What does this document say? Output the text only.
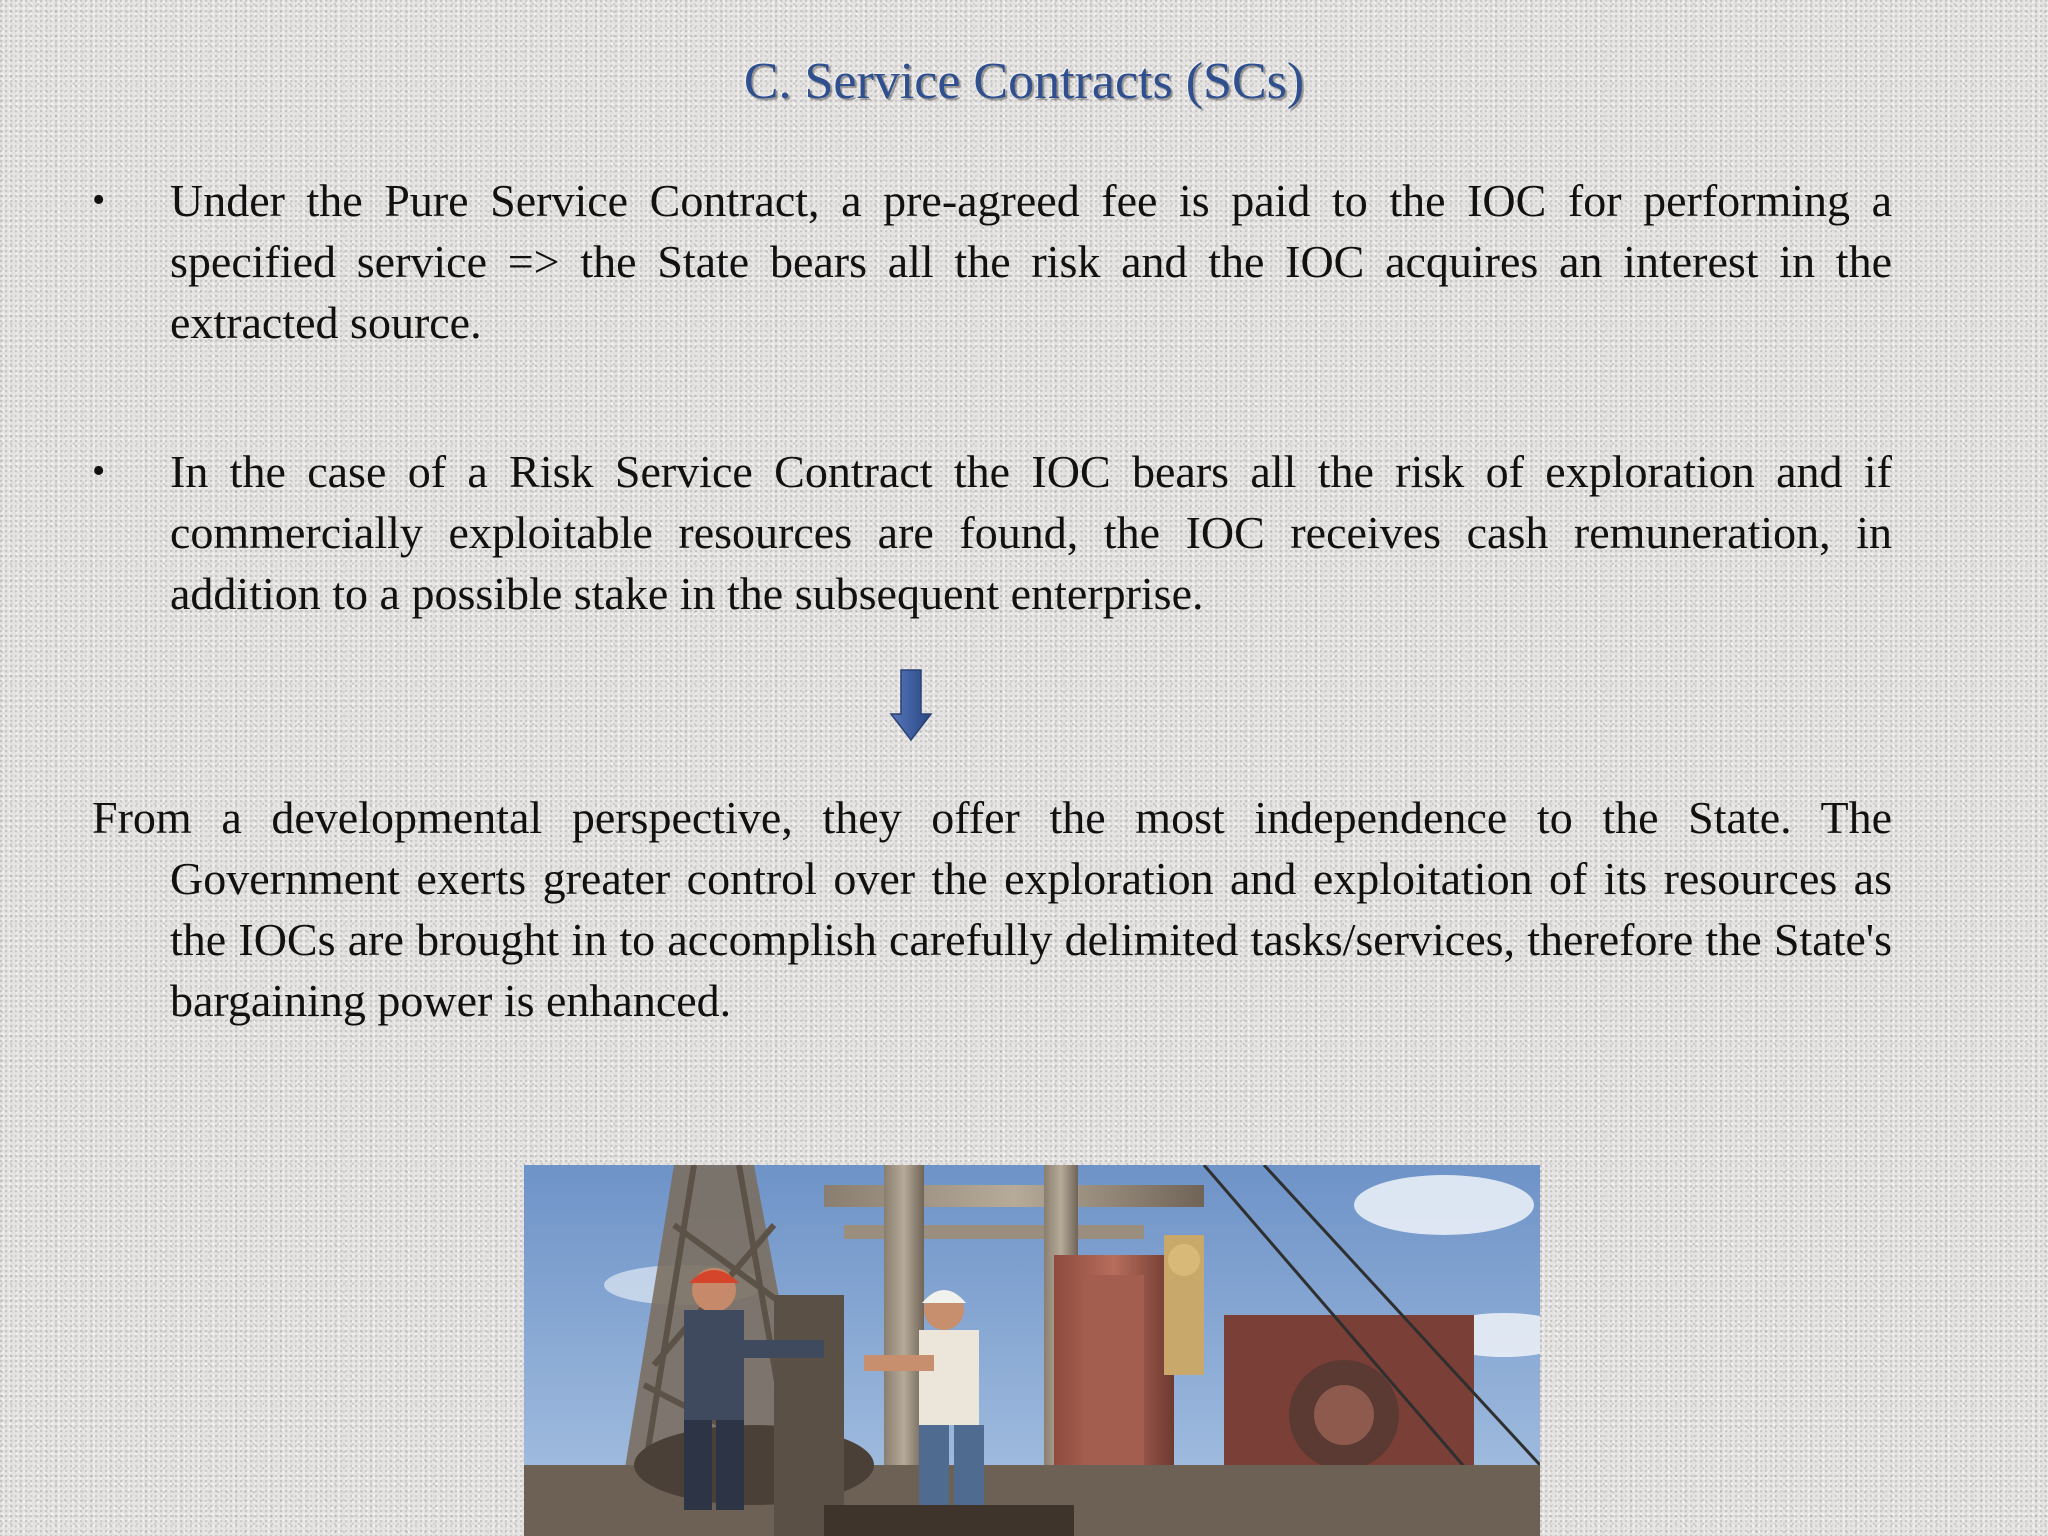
C. Service Contracts (SCs)
• Under the Pure Service Contract, a pre-agreed fee is paid to the IOC for performing a specified service => the State bears all the risk and the IOC acquires an interest in the extracted source.

• In the case of a Risk Service Contract the IOC bears all the risk of exploration and if commercially exploitable resources are found, the IOC receives cash remuneration, in addition to a possible stake in the subsequent enterprise.

From a developmental perspective, they offer the most independence to the State. The Government exerts greater control over the exploration and exploitation of its resources as the IOCs are brought in to accomplish carefully delimited tasks/services, therefore the State's bargaining power is enhanced.
